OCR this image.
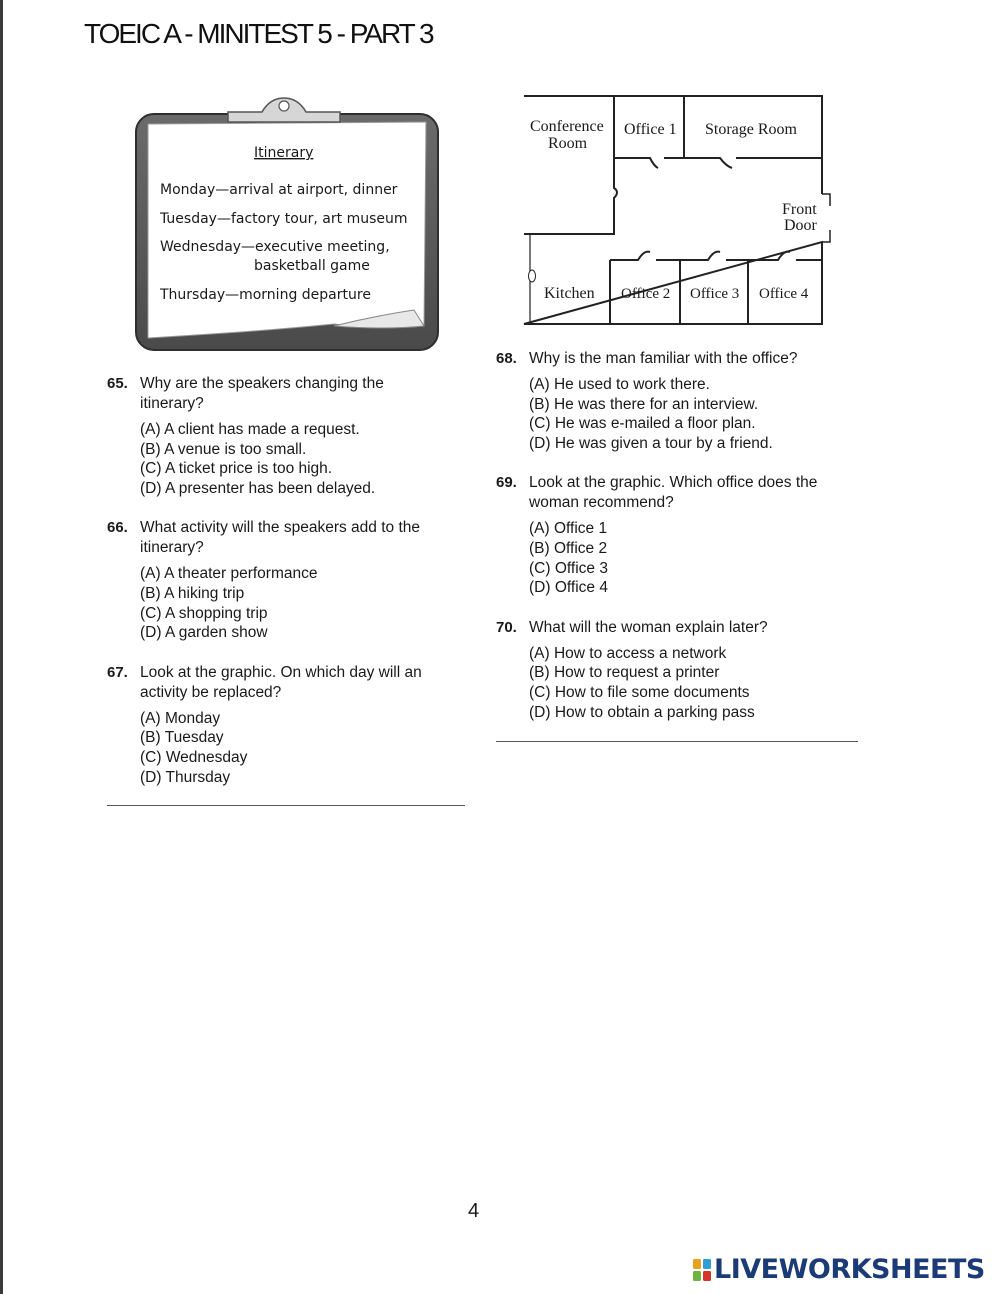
TOEIC A - MINITEST 5 - PART 3
Itinerary
Monday—arrival at airport, dinner
Tuesday—factory tour, art museum
Wednesday—executive meeting,
basketball game
Thursday—morning departure
Conference
Room
Office 1 Storage Room
Front
Door
Kitchen Office 2 Office 3 Office 4
65. Why are the speakers changing the itinerary?
(A) A client has made a request.
(B) A venue is too small.
(C) A ticket price is too high.
(D) A presenter has been delayed.
66. What activity will the speakers add to the itinerary?
(A) A theater performance
(B) A hiking trip
(C) A shopping trip
(D) A garden show
67. Look at the graphic. On which day will an activity be replaced?
(A) Monday
(B) Tuesday
(C) Wednesday
(D) Thursday
68. Why is the man familiar with the office?
(A) He used to work there.
(B) He was there for an interview.
(C) He was e-mailed a floor plan.
(D) He was given a tour by a friend.
69. Look at the graphic. Which office does the woman recommend?
(A) Office 1
(B) Office 2
(C) Office 3
(D) Office 4
70. What will the woman explain later?
(A) How to access a network
(B) How to request a printer
(C) How to file some documents
(D) How to obtain a parking pass
4
LIVEWORKSHEETS
